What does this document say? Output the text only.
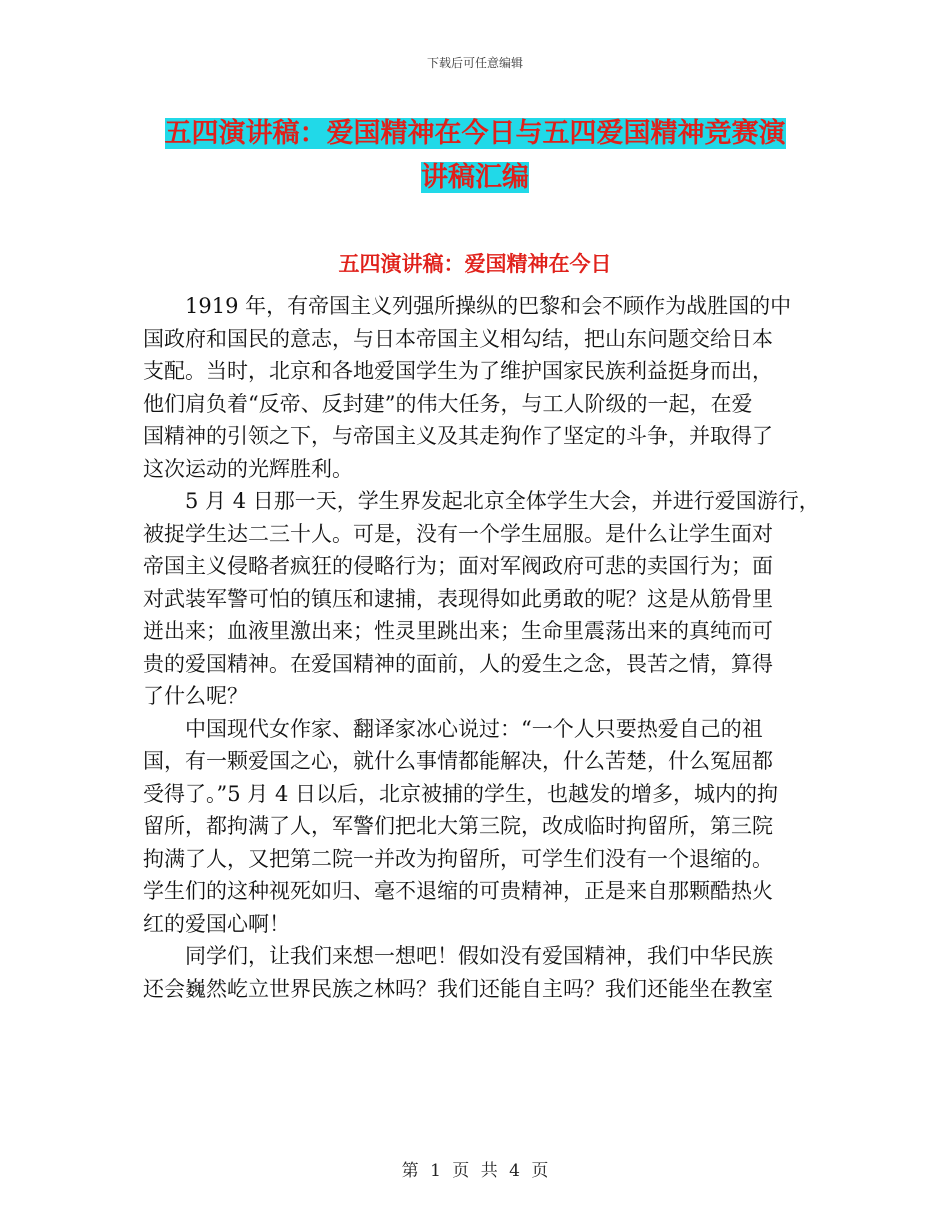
下载后可任意编辑
五四演讲稿：爱国精神在今日与五四爱国精神竞赛演
讲稿汇编
五四演讲稿：爱国精神在今日

1919 年，有帝国主义列强所操纵的巴黎和会不顾作为战胜国的中

国政府和国民的意志，与日本帝国主义相勾结，把山东问题交给日本

支配。当时，北京和各地爱国学生为了维护国家民族利益挺身而出，

他们肩负着“反帝、反封建”的伟大任务，与工人阶级的一起，在爱

国精神的引领之下，与帝国主义及其走狗作了坚定的斗争，并取得了

这次运动的光辉胜利。

5 月 4 日那一天，学生界发起北京全体学生大会，并进行爱国游行，

被捉学生达二三十人。可是，没有一个学生屈服。是什么让学生面对

帝国主义侵略者疯狂的侵略行为；面对军阀政府可悲的卖国行为；面

对武装军警可怕的镇压和逮捕，表现得如此勇敢的呢？这是从筋骨里

迸出来；血液里激出来；性灵里跳出来；生命里震荡出来的真纯而可

贵的爱国精神。在爱国精神的面前，人的爱生之念，畏苦之情，算得

了什么呢？

中国现代女作家、翻译家冰心说过：“一个人只要热爱自己的祖

国，有一颗爱国之心，就什么事情都能解决，什么苦楚，什么冤屈都

受得了。”5 月 4 日以后，北京被捕的学生，也越发的增多，城内的拘

留所，都拘满了人，军警们把北大第三院，改成临时拘留所，第三院

拘满了人，又把第二院一并改为拘留所，可学生们没有一个退缩的。

学生们的这种视死如归、毫不退缩的可贵精神，正是来自那颗酷热火

红的爱国心啊！

同学们，让我们来想一想吧！假如没有爱国精神，我们中华民族

还会巍然屹立世界民族之林吗？我们还能自主吗？我们还能坐在教室

第 1 页 共 4 页
